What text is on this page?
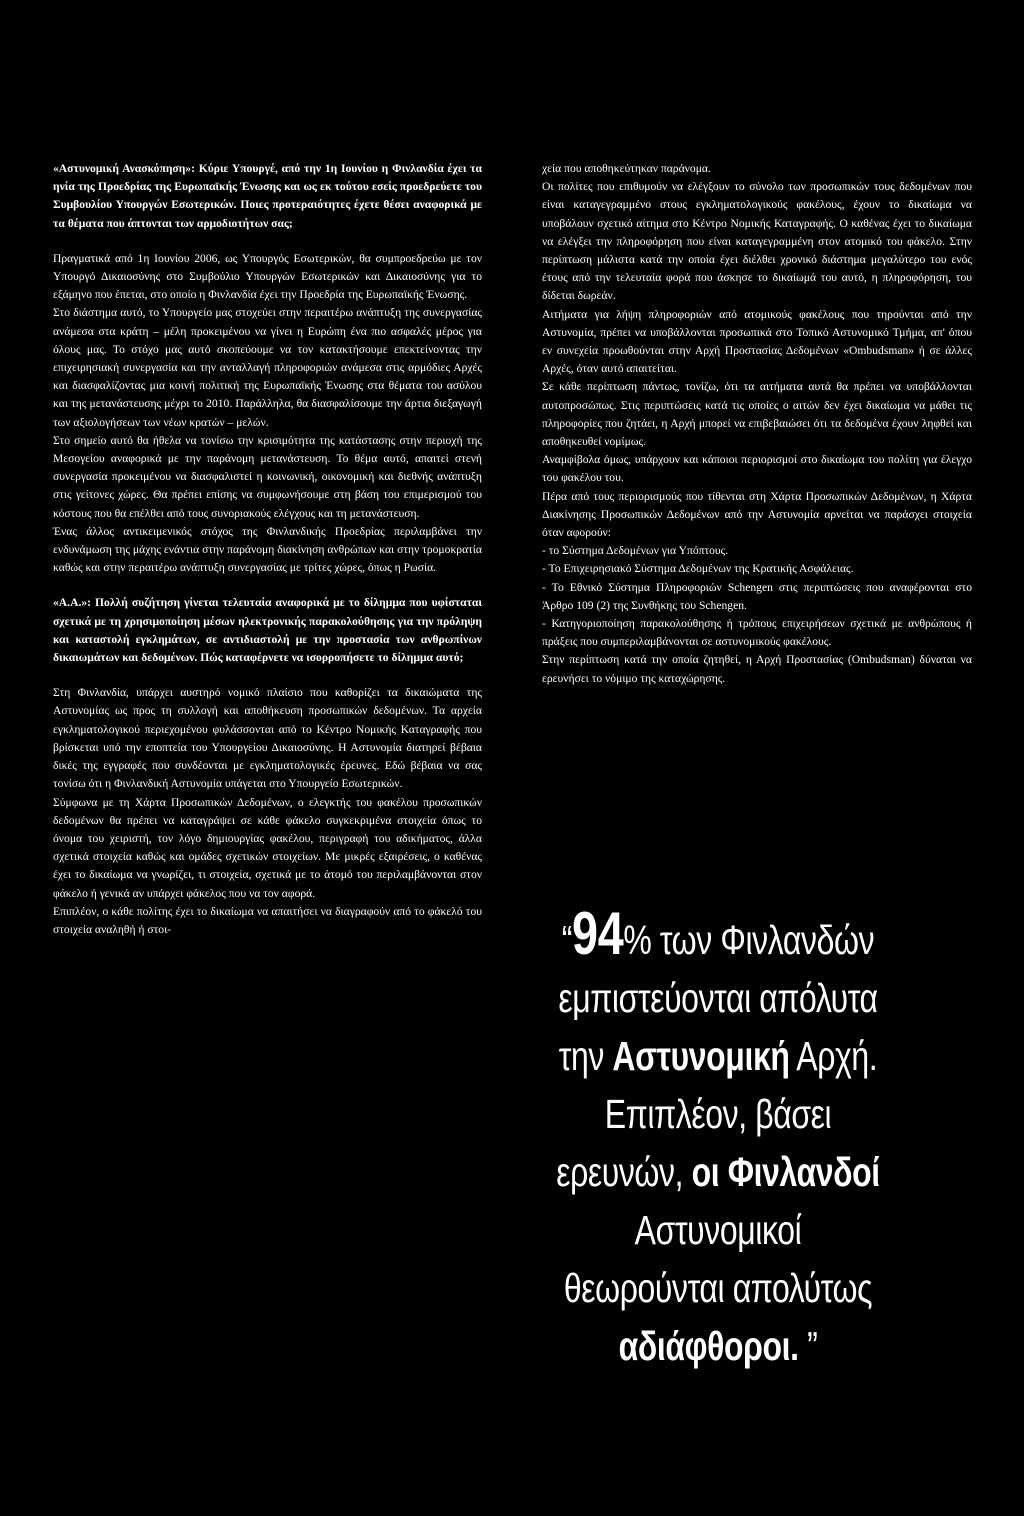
«Αστυνομική Ανασκόπηση»: Κύριε Υπουργέ, από την 1η Ιουνίου η Φινλανδία έχει τα ηνία της Προεδρίας της Ευρωπαϊκής Ένωσης και ως εκ τούτου εσείς προεδρεύετε του Συμβουλίου Υπουργών Εσωτερικών. Ποιες προτεραιότητες έχετε θέσει αναφορικά με τα θέματα που άπτονται των αρμοδιοτήτων σας;

Πραγματικά από 1η Ιουνίου 2006, ως Υπουργός Εσωτερικών, θα συμπροεδρεύω με τον Υπουργό Δικαιοσύνης στο Συμβούλιο Υπουργών Εσωτερικών και Δικαιοσύνης για το εξάμηνο που έπεται, στο οποίο η Φινλανδία έχει την Προεδρία της Ευρωπαϊκής Ένωσης.

Στο διάστημα αυτό, το Υπουργείο μας στοχεύει στην περαιτέρω ανάπτυξη της συνεργασίας ανάμεσα στα κράτη – μέλη προκειμένου να γίνει η Ευρώπη ένα πιο ασφαλές μέρος για όλους μας. Το στόχο μας αυτό σκοπεύουμε να τον κατακτήσουμε επεκτείνοντας την επιχειρησιακή συνεργασία και την ανταλλαγή πληροφοριών ανάμεσα στις αρμόδιες Αρχές και διασφαλίζοντας μια κοινή πολιτική της Ευρωπαϊκής Ένωσης στα θέματα του ασύλου και της μετανάστευσης μέχρι το 2010. Παράλληλα, θα διασφαλίσουμε την άρτια διεξαγωγή των αξιολογήσεων των νέων κρατών – μελών.

Στο σημείο αυτό θα ήθελα να τονίσω την κρισιμότητα της κατάστασης στην περιοχή της Μεσογείου αναφορικά με την παράνομη μετανάστευση. Το θέμα αυτό, απαιτεί στενή συνεργασία προκειμένου να διασφαλιστεί η κοινωνική, οικονομική και διεθνής ανάπτυξη στις γείτονες χώρες. Θα πρέπει επίσης να συμφωνήσουμε στη βάση του επιμερισμού του κόστους που θα επέλθει από τους συνοριακούς ελέγχους και τη μετανάστευση.

Ένας άλλος αντικειμενικός στόχος της Φινλανδικής Προεδρίας περιλαμβάνει την ενδυνάμωση της μάχης ενάντια στην παράνομη διακίνηση ανθρώπων και στην τρομοκρατία καθώς και στην περαιτέρω ανάπτυξη συνεργασίας με τρίτες χώρες, όπως η Ρωσία.

«Α.Α.»: Πολλή συζήτηση γίνεται τελευταία αναφορικά με το δίλημμα που υφίσταται σχετικά με τη χρησιμοποίηση μέσων ηλεκτρονικής παρακολούθησης για την πρόληψη και καταστολή εγκλημάτων, σε αντιδιαστολή με την προστασία των ανθρωπίνων δικαιωμάτων και δεδομένων. Πώς καταφέρνετε να ισορροπήσετε το δίλημμα αυτό;

Στη Φινλανδία, υπάρχει αυστηρό νομικό πλαίσιο που καθορίζει τα δικαιώματα της Αστυνομίας ως προς τη συλλογή και αποθήκευση προσωπικών δεδομένων. Τα αρχεία εγκληματολογικού περιεχομένου φυλάσσονται από το Κέντρο Νομικής Καταγραφής που βρίσκεται υπό την εποπτεία του Υπουργείου Δικαιοσύνης. Η Αστυνομία διατηρεί βέβαια δικές της εγγραφές που συνδέονται με εγκληματολογικές έρευνες. Εδώ βέβαια να σας τονίσω ότι η Φινλανδική Αστυνομία υπάγεται στο Υπουργείο Εσωτερικών.

Σύμφωνα με τη Χάρτα Προσωπικών Δεδομένων, ο ελεγκτής του φακέλου προσωπικών δεδομένων θα πρέπει να καταγράψει σε κάθε φάκελο συγκεκριμένα στοιχεία όπως το όνομα του χειριστή, τον λόγο δημιουργίας φακέλου, περιγραφή του αδικήματος, άλλα σχετικά στοιχεία καθώς και ομάδες σχετικών στοιχείων. Με μικρές εξαιρέσεις, ο καθένας έχει το δικαίωμα να γνωρίζει, τι στοιχεία, σχετικά με το άτομό του περιλαμβάνονται στον φάκελο ή γενικά αν υπάρχει φάκελος που να τον αφορά.

Επιπλέον, ο κάθε πολίτης έχει το δικαίωμα να απαιτήσει να διαγραφούν από το φάκελό του στοιχεία αναληθή ή στοι-

χεία που αποθηκεύτηκαν παράνομα.

Οι πολίτες που επιθυμούν να ελέγξουν το σύνολο των προσωπικών τους δεδομένων που είναι καταγεγραμμένο στους εγκληματολογικούς φακέλους, έχουν το δικαίωμα να υποβάλουν σχετικό αίτημα στο Κέντρο Νομικής Καταγραφής. Ο καθένας έχει το δικαίωμα να ελέγξει την πληροφόρηση που είναι καταγεγραμμένη στον ατομικό του φάκελο. Στην περίπτωση μάλιστα κατά την οποία έχει διέλθει χρονικό διάστημα μεγαλύτερο του ενός έτους από την τελευταία φορά που άσκησε το δικαίωμά του αυτό, η πληροφόρηση, του δίδεται δωρεάν.

Αιτήματα για λήψη πληροφοριών από ατομικούς φακέλους που τηρούνται από την Αστυνομία, πρέπει να υποβάλλονται προσωπικά στο Τοπικό Αστυνομικό Τμήμα, απ' όπου εν συνεχεία προωθούνται στην Αρχή Προστασίας Δεδομένων «Ombudsman» ή σε άλλες Αρχές, όταν αυτό απαιτείται.

Σε κάθε περίπτωση πάντως, τονίζω, ότι τα αιτήματα αυτά θα πρέπει να υποβάλλονται αυτοπροσώπως. Στις περιπτώσεις κατά τις οποίες ο αιτών δεν έχει δικαίωμα να μάθει τις πληροφορίες που ζητάει, η Αρχή μπορεί να επιβεβαιώσει ότι τα δεδομένα έχουν ληφθεί και αποθηκευθεί νομίμως.

Αναμφίβολα όμως, υπάρχουν και κάποιοι περιορισμοί στο δικαίωμα του πολίτη για έλεγχο του φακέλου του.

Πέρα από τους περιορισμούς που τίθενται στη Χάρτα Προσωπικών Δεδομένων, η Χάρτα Διακίνησης Προσωπικών Δεδομένων από την Αστυνομία αρνείται να παράσχει στοιχεία όταν αφορούν:

- το Σύστημα Δεδομένων για Υπόπτους.

- Το Επιχειρησιακό Σύστημα Δεδομένων της Κρατικής Ασφάλειας.

- Το Εθνικό Σύστημα Πληροφοριών Schengen στις περιπτώσεις που αναφέρονται στο Άρθρο 109 (2) της Συνθήκης του Schengen.

- Κατηγοριοποίηση παρακολούθησης ή τρόπους επιχειρήσεων σχετικά με ανθρώπους ή πράξεις που συμπεριλαμβάνονται σε αστυνομικούς φακέλους.

Στην περίπτωση κατά την οποία ζητηθεί, η Αρχή Προστασίας (Ombudsman) δύναται να ερευνήσει το νόμιμο της καταχώρησης.

“94% των Φινλανδών
εμπιστεύονται απόλυτα
την Αστυνομική Αρχή.
Επιπλέον, βάσει
ερευνών, οι Φινλανδοί
Αστυνομικοί
θεωρούνται απολύτως
αδιάφθοροι. ”
